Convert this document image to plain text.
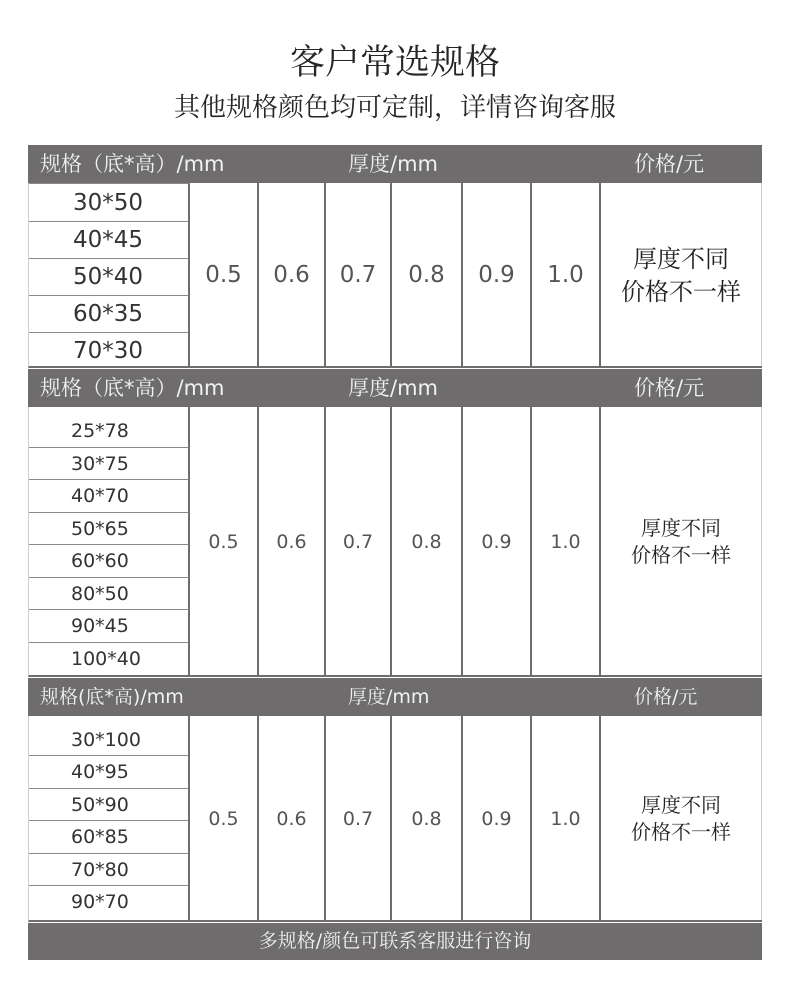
客户常选规格
其他规格颜色均可定制，详情咨询客服
规格（底*高）/mm	厚度/mm	价格/元
30*50
40*45
50*40
60*35
70*30
0.5	0.6	0.7	0.8	0.9	1.0
厚度不同
价格不一样
规格（底*高）/mm	厚度/mm	价格/元
25*78
30*75
40*70
50*65
60*60
80*50
90*45
100*40
0.5	0.6	0.7	0.8	0.9	1.0
厚度不同
价格不一样
规格(底*高)/mm	厚度/mm	价格/元
30*100
40*95
50*90
60*85
70*80
90*70
0.5	0.6	0.7	0.8	0.9	1.0
厚度不同
价格不一样
多规格/颜色可联系客服进行咨询
